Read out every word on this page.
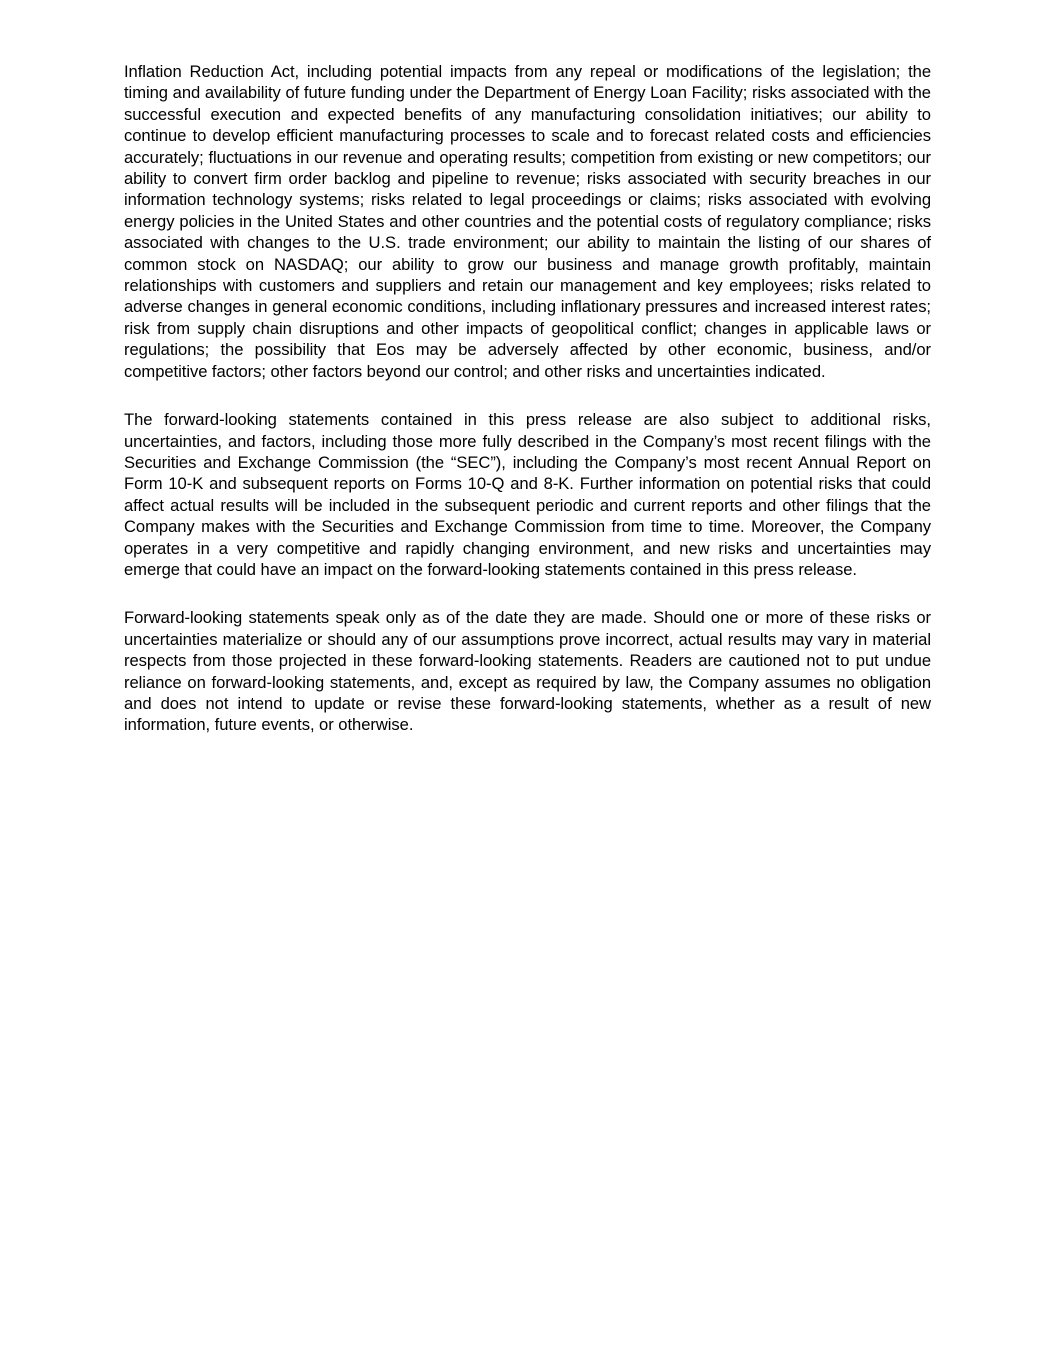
Inflation Reduction Act, including potential impacts from any repeal or modifications of the legislation; the timing and availability of future funding under the Department of Energy Loan Facility; risks associated with the successful execution and expected benefits of any manufacturing consolidation initiatives; our ability to continue to develop efficient manufacturing processes to scale and to forecast related costs and efficiencies accurately; fluctuations in our revenue and operating results; competition from existing or new competitors; our ability to convert firm order backlog and pipeline to revenue; risks associated with security breaches in our information technology systems; risks related to legal proceedings or claims; risks associated with evolving energy policies in the United States and other countries and the potential costs of regulatory compliance; risks associated with changes to the U.S. trade environment; our ability to maintain the listing of our shares of common stock on NASDAQ; our ability to grow our business and manage growth profitably, maintain relationships with customers and suppliers and retain our management and key employees; risks related to adverse changes in general economic conditions, including inflationary pressures and increased interest rates; risk from supply chain disruptions and other impacts of geopolitical conflict; changes in applicable laws or regulations; the possibility that Eos may be adversely affected by other economic, business, and/or competitive factors; other factors beyond our control; and other risks and uncertainties indicated.

The forward-looking statements contained in this press release are also subject to additional risks, uncertainties, and factors, including those more fully described in the Company’s most recent filings with the Securities and Exchange Commission (the “SEC”), including the Company’s most recent Annual Report on Form 10-K and subsequent reports on Forms 10-Q and 8-K. Further information on potential risks that could affect actual results will be included in the subsequent periodic and current reports and other filings that the Company makes with the Securities and Exchange Commission from time to time. Moreover, the Company operates in a very competitive and rapidly changing environment, and new risks and uncertainties may emerge that could have an impact on the forward-looking statements contained in this press release.

Forward-looking statements speak only as of the date they are made. Should one or more of these risks or uncertainties materialize or should any of our assumptions prove incorrect, actual results may vary in material respects from those projected in these forward-looking statements. Readers are cautioned not to put undue reliance on forward-looking statements, and, except as required by law, the Company assumes no obligation and does not intend to update or revise these forward-looking statements, whether as a result of new information, future events, or otherwise.
